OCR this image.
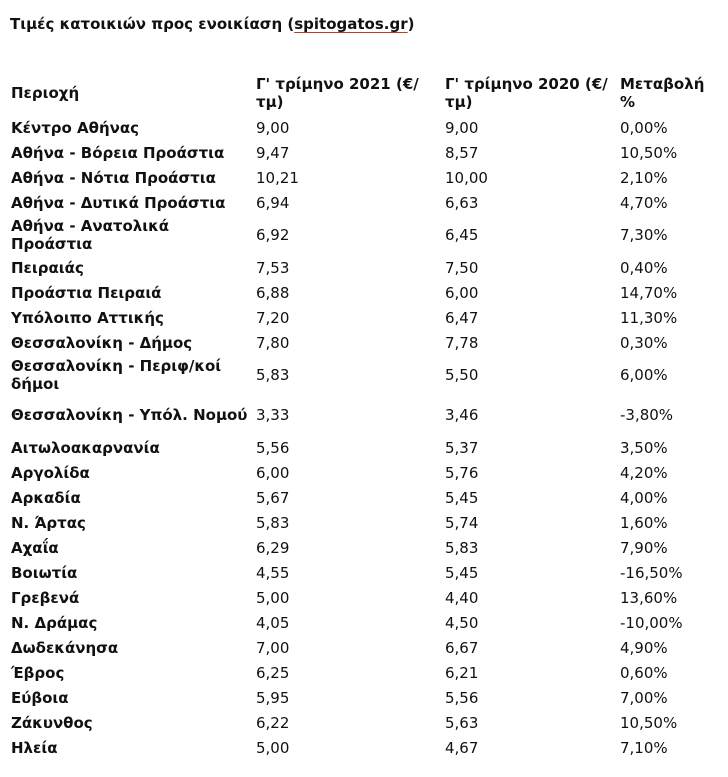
Τιμές κατοικιών προς ενοικίαση (spitogatos.gr)
Περιοχή	Γ' τρίμηνο 2021 (€/ τμ)	Γ' τρίμηνο 2020 (€/ τμ)	Μεταβολή %
Κέντρο Αθήνας	9,00	9,00	0,00%
Αθήνα - Βόρεια Προάστια	9,47	8,57	10,50%
Αθήνα - Νότια Προάστια	10,21	10,00	2,10%
Αθήνα - Δυτικά Προάστια	6,94	6,63	4,70%
Αθήνα - Ανατολικά Προάστια	6,92	6,45	7,30%
Πειραιάς	7,53	7,50	0,40%
Προάστια Πειραιά	6,88	6,00	14,70%
Υπόλοιπο Αττικής	7,20	6,47	11,30%
Θεσσαλονίκη - Δήμος	7,80	7,78	0,30%
Θεσσαλονίκη - Περιφ/κοί δήμοι	5,83	5,50	6,00%
Θεσσαλονίκη - Υπόλ. Νομού	3,33	3,46	-3,80%
Αιτωλοακαρνανία	5,56	5,37	3,50%
Αργολίδα	6,00	5,76	4,20%
Αρκαδία	5,67	5,45	4,00%
Ν. Άρτας	5,83	5,74	1,60%
Αχαΐα	6,29	5,83	7,90%
Βοιωτία	4,55	5,45	-16,50%
Γρεβενά	5,00	4,40	13,60%
Ν. Δράμας	4,05	4,50	-10,00%
Δωδεκάνησα	7,00	6,67	4,90%
Έβρος	6,25	6,21	0,60%
Εύβοια	5,95	5,56	7,00%
Ζάκυνθος	6,22	5,63	10,50%
Ηλεία	5,00	4,67	7,10%
